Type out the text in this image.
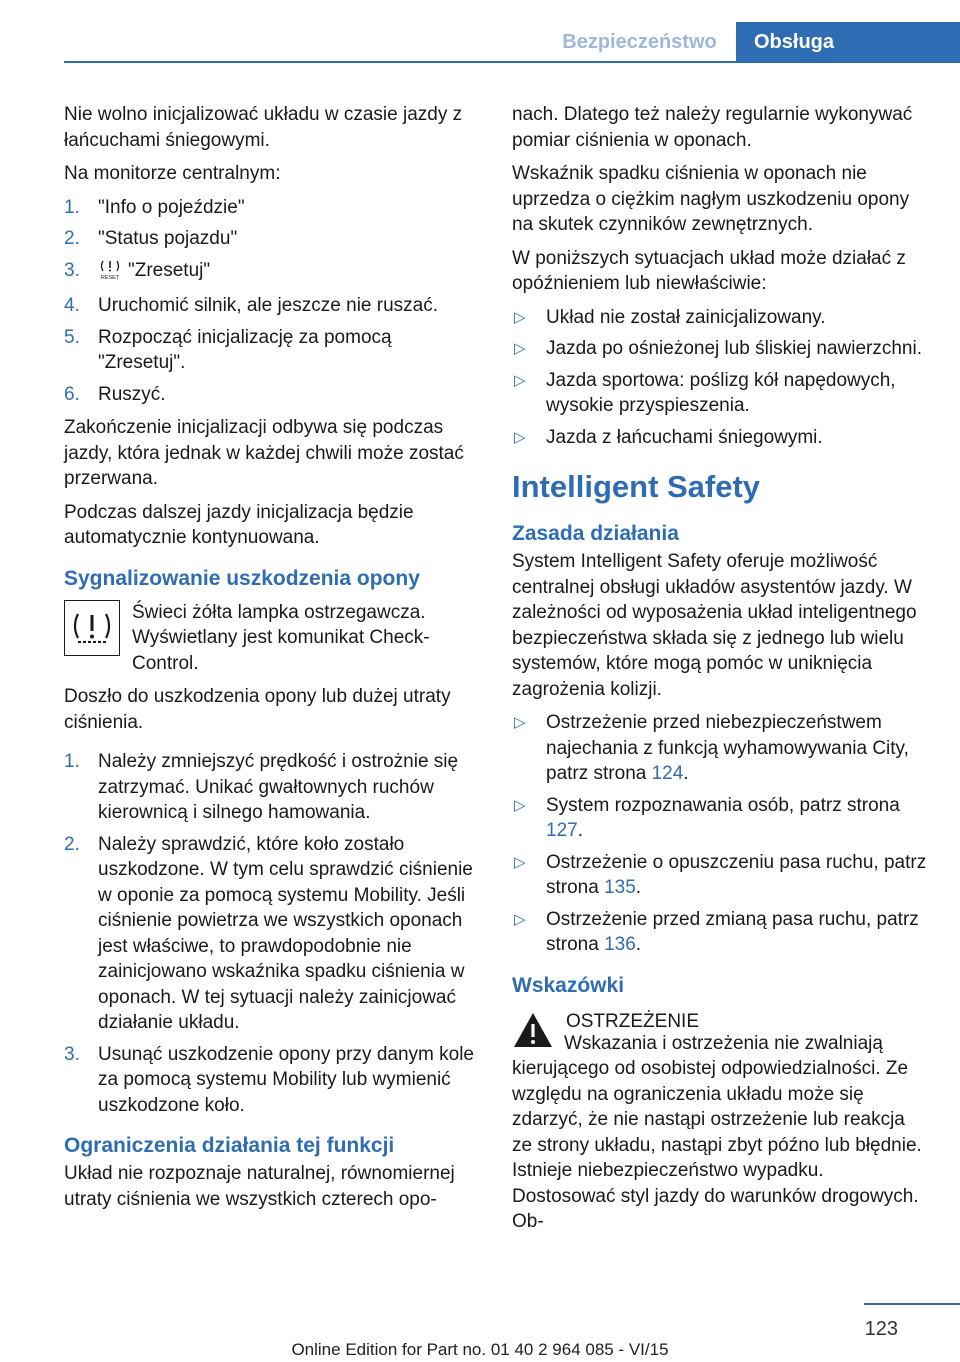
Bezpieczeństwo	Obsługa

Nie wolno inicjalizować układu w czasie jazdy z łańcuchami śniegowymi.

Na monitorze centralnym:

1. "Info o pojeździe"
2. "Status pojazdu"
3.	RESET "Zresetuj"
4. Uruchomić silnik, ale jeszcze nie ruszać.
5. Rozpocząć inicjalizację za pomocą "Zresetuj".
6. Ruszyć.

Zakończenie inicjalizacji odbywa się podczas jazdy, która jednak w każdej chwili może zostać przerwana.

Podczas dalszej jazdy inicjalizacja będzie automatycznie kontynuowana.

Sygnalizowanie uszkodzenia opony
Świeci żółta lampka ostrzegawcza. Wyświetlany jest komunikat Check-Control.

Doszło do uszkodzenia opony lub dużej utraty ciśnienia.

1. Należy zmniejszyć prędkość i ostrożnie się zatrzymać. Unikać gwałtownych ruchów kierownicą i silnego hamowania.
2. Należy sprawdzić, które koło zostało uszkodzone. W tym celu sprawdzić ciśnienie w oponie za pomocą systemu Mobility. Jeśli ciśnienie powietrza we wszystkich oponach jest właściwe, to prawdopodobnie nie zainicjowano wskaźnika spadku ciśnienia w oponach. W tej sytuacji należy zainicjować działanie układu.
3. Usunąć uszkodzenie opony przy danym kole za pomocą systemu Mobility lub wymienić uszkodzone koło.
Ograniczenia działania tej funkcji

Układ nie rozpoznaje naturalnej, równomiernej utraty ciśnienia we wszystkich czterech opo-

nach. Dlatego też należy regularnie wykonywać pomiar ciśnienia w oponach.

Wskaźnik spadku ciśnienia w oponach nie uprzedza o ciężkim nagłym uszkodzeniu opony na skutek czynników zewnętrznych.

W poniższych sytuacjach układ może działać z opóźnieniem lub niewłaściwie:

▷ Układ nie został zainicjalizowany.
▷ Jazda po ośnieżonej lub śliskiej nawierzchni.
▷ Jazda sportowa: poślizg kół napędowych, wysokie przyspieszenia.
▷ Jazda z łańcuchami śniegowymi.
Intelligent Safety
Zasada działania

System Intelligent Safety oferuje możliwość centralnej obsługi układów asystentów jazdy. W zależności od wyposażenia układ inteligentnego bezpieczeństwa składa się z jednego lub wielu systemów, które mogą pomóc w uniknięcia zagrożenia kolizji.

▷ Ostrzeżenie przed niebezpieczeństwem najechania z funkcją wyhamowywania City, patrz strona 124.
▷ System rozpoznawania osób, patrz strona 127.
▷ Ostrzeżenie o opuszczeniu pasa ruchu, patrz strona 135.
▷ Ostrzeżenie przed zmianą pasa ruchu, patrz strona 136.
Wskazówki
OSTRZEŻENIE

Wskazania i ostrzeżenia nie zwalniają kierującego od osobistej odpowiedzialności. Ze względu na ograniczenia układu może się zdarzyć, że nie nastąpi ostrzeżenie lub reakcja ze strony układu, nastąpi zbyt późno lub błędnie. Istnieje niebezpieczeństwo wypadku. Dostosować styl jazdy do warunków drogowych. Ob-

123
Online Edition for Part no. 01 40 2 964 085 - VI/15
